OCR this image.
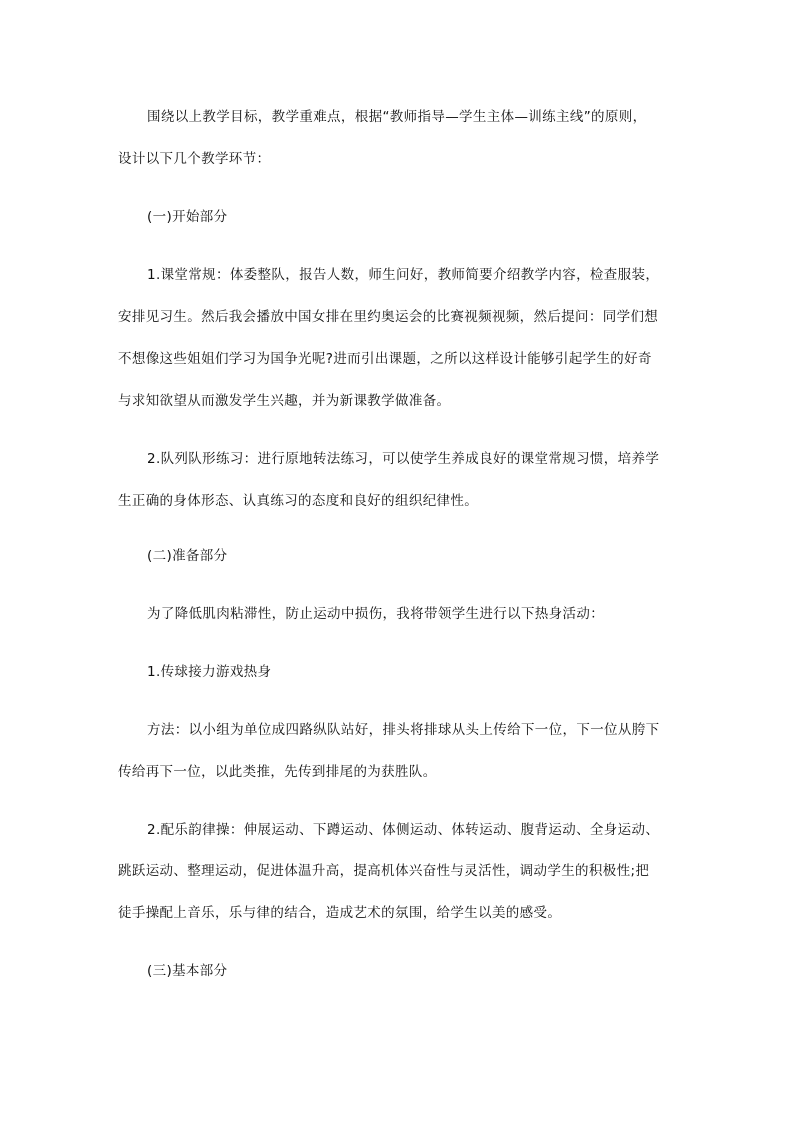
围绕以上教学目标，教学重难点，根据“教师指导—学生主体—训练主线”的原则，
设计以下几个教学环节：
(一)开始部分
1.课堂常规：体委整队，报告人数，师生问好，教师简要介绍教学内容，检查服装，
安排见习生。然后我会播放中国女排在里约奥运会的比赛视频视频，然后提问：同学们想
不想像这些姐姐们学习为国争光呢?进而引出课题，之所以这样设计能够引起学生的好奇
与求知欲望从而激发学生兴趣，并为新课教学做准备。
2.队列队形练习：进行原地转法练习，可以使学生养成良好的课堂常规习惯，培养学
生正确的身体形态、认真练习的态度和良好的组织纪律性。
(二)准备部分
为了降低肌肉粘滞性，防止运动中损伤，我将带领学生进行以下热身活动：
1.传球接力游戏热身
方法：以小组为单位成四路纵队站好，排头将排球从头上传给下一位，下一位从胯下
传给再下一位，以此类推，先传到排尾的为获胜队。
2.配乐韵律操：伸展运动、下蹲运动、体侧运动、体转运动、腹背运动、全身运动、
跳跃运动、整理运动，促进体温升高，提高机体兴奋性与灵活性，调动学生的积极性;把
徒手操配上音乐，乐与律的结合，造成艺术的氛围，给学生以美的感受。
(三)基本部分
